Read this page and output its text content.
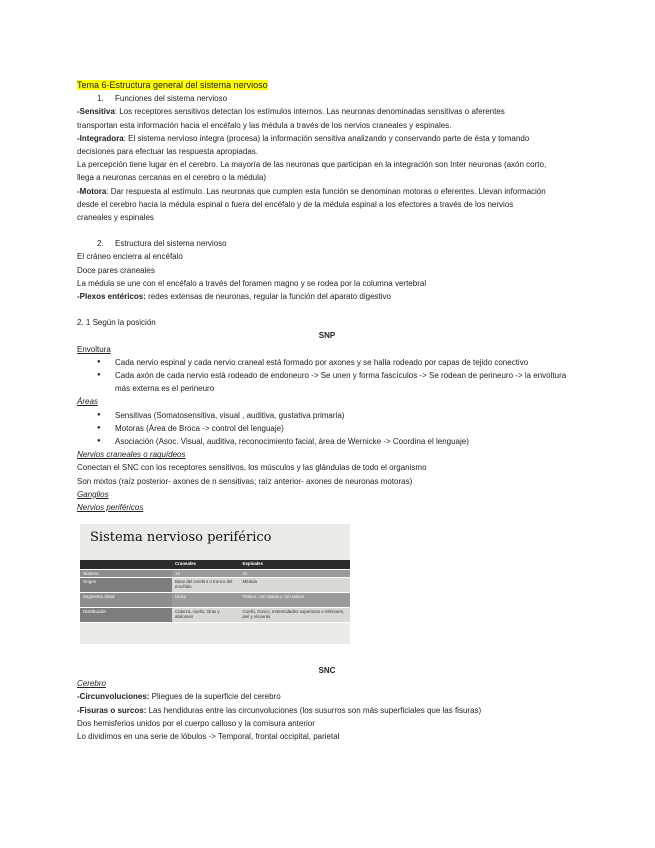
Tema 6-Estructura general del sistema nervioso
1. Funciones del sistema nervioso
-Sensitiva: Los receptores sensitivos detectan los estímulos internos. Las neuronas denominadas sensitivas o aferentes
transportan esta información hacia el encéfalo y las médula a través de los nervios craneales y espinales.
-Integradora: El sistema nervioso integra (procesa) la información sensitiva analizando y conservando parte de ésta y tomando
decisiones para efectuar las respuesta apropiadas.
La percepción tiene lugar en el cerebro. La mayoría de las neuronas que participan en la integración son Inter neuronas (axón corto,
llega a neuronas cercanas en el cerebro o la médula)
-Motora: Dar respuesta al estímulo. Las neuronas que cumplen esta función se denominan motoras o eferentes. Llevan información
desde el cerebro hacia la médula espinal o fuera del encéfalo y de la médula espinal a los efectores a través de los nervios
craneales y espinales
2. Estructura del sistema nervioso
El cráneo encierra al encéfalo
Doce pares craneales
La médula se une con el encéfalo a través del foramen magno y se rodea por la columna vertebral
-Plexos entéricos: redes extensas de neuronas, regular la función del aparato digestivo
2. 1 Según la posición
SNP
Envoltura
● Cada nervio espinal y cada nervio craneal está formado por axones y se halla rodeado por capas de tejido conectivo
● Cada axón de cada nervio está rodeado de endoneuro -> Se unen y forma fascículos -> Se rodean de perineuro -> la envoltura más externa es el perineuro
Áreas
● Sensitivas (Somatosensitiva, visual , auditiva, gustativa primaria)
● Motoras (Área de Broca -> control del lenguaje)
● Asociación (Asoc. Visual, auditiva, reconocimiento facial, área de Wernicke -> Coordina el lenguaje)
Nervios craneales o raquídeos
Conectan el SNC con los receptores sensitivos, los músculos y las glándulas de todo el organismo
Son mixtos (raíz posterior- axones de n sensitivas; raíz anterior- axones de neuronas motoras)
Ganglios
Nervios periféricos
Sistema nervioso periférico
	Craneales	Espinales
Número	12	31
Origen	Base del cerebro o tronco del encéfalo	Médula
Segmento distal	Único	Tronco, con ramas y con raíces
Distribución	Cabeza, cuello, tórax y abdomen	Cuello, tronco, extremidades superiores e inferiores, piel y vísceras
SNC
Cerebro
-Circunvoluciones: Pliegues de la superficie del cerebro
-Fisuras o surcos: Las hendiduras entre las circunvoluciones (los susurros son más superficiales que las fisuras)
Dos hemisferios unidos por el cuerpo calloso y la comisura anterior
Lo dividimos en una serie de lóbulos -> Temporal, frontal occipital, parietal
